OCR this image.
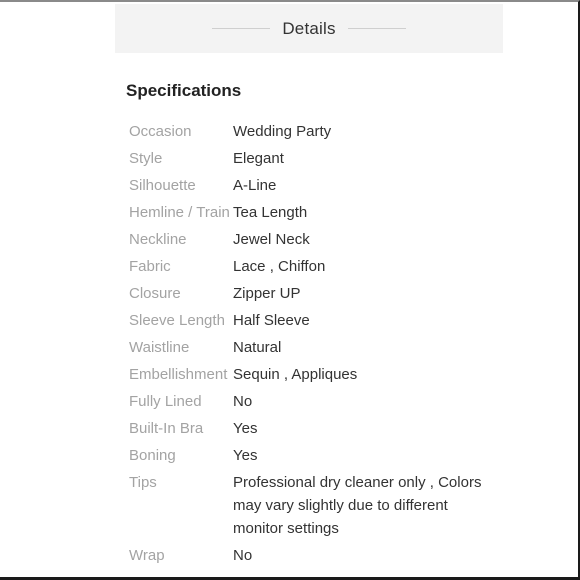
Details
Specifications
Occasion	Wedding Party
Style	Elegant
Silhouette	A-Line
Hemline / Train Tea Length
Neckline	Jewel Neck
Fabric	Lace , Chiffon
Closure	Zipper UP
Sleeve Length Half Sleeve
Waistline	Natural
Embellishment Sequin , Appliques
Fully Lined	No
Built-In Bra	Yes
Boning	Yes
Tips	Professional dry cleaner only , Colors may vary slightly due to different monitor settings
Wrap	No
